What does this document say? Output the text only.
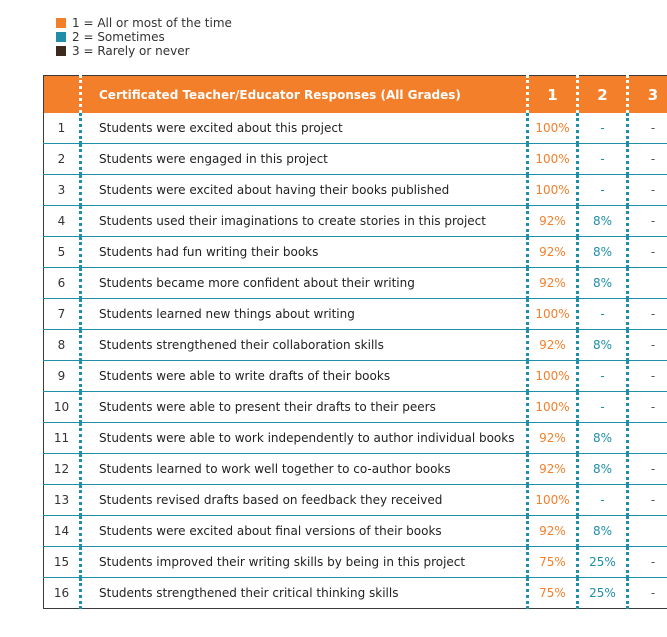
1 = All or most of the time
2 = Sometimes
3 = Rarely or never
	Certificated Teacher/Educator Responses (All Grades)	1	2	3
1	Students were excited about this project	100%	-	-
2	Students were engaged in this project	100%	-	-
3	Students were excited about having their books published	100%	-	-
4	Students used their imaginations to create stories in this project	92%	8%	-
5	Students had fun writing their books	92%	8%	-
6	Students became more confident about their writing	92%	8%	
7	Students learned new things about writing	100%	-	-
8	Students strengthened their collaboration skills	92%	8%	-
9	Students were able to write drafts of their books	100%	-	-
10	Students were able to present their drafts to their peers	100%	-	-
11	Students were able to work independently to author individual books	92%	8%	
12	Students learned to work well together to co-author books	92%	8%	-
13	Students revised drafts based on feedback they received	100%	-	-
14	Students were excited about final versions of their books	92%	8%	
15	Students improved their writing skills by being in this project	75%	25%	-
16	Students strengthened their critical thinking skills	75%	25%	-
